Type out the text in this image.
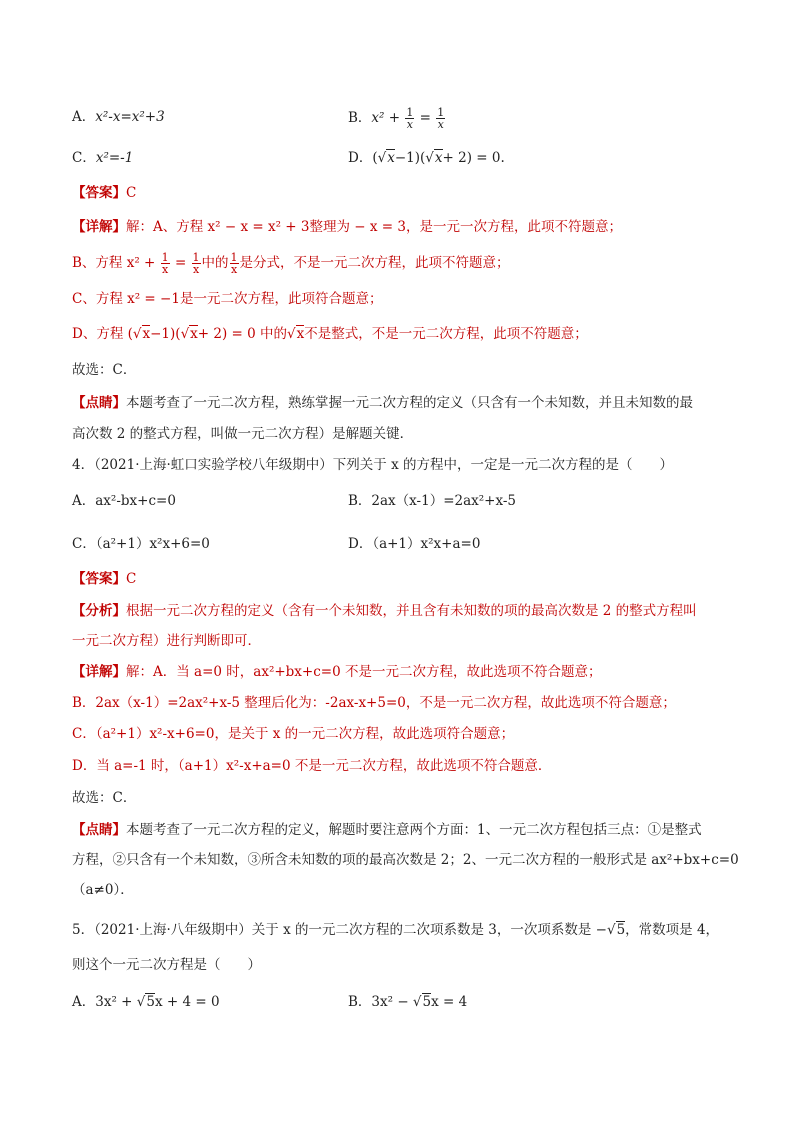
A．x²-x=x²+3	B．$x^2 + \frac{1}{x} = \frac{1}{x}$
C．x²=-1	D．(√x−1)(√x+ 2) = 0.
【答案】C
【详解】解：A、方程 x² − x = x² + 3整理为 − x = 3，是一元一次方程，此项不符题意；
B、方程 $x^2 + \frac{1}{x} = \frac{1}{x}$ 中的 $\frac{1}{x}$ 是分式，不是一元二次方程，此项不符题意；
C、方程 x² = −1是一元二次方程，此项符合题意；
D、方程 (√x−1)(√x+ 2) = 0 中的√x不是整式，不是一元二次方程，此项不符题意；
故选：C．
【点睛】本题考查了一元二次方程，熟练掌握一元二次方程的定义（只含有一个未知数，并且未知数的最
高次数 2 的整式方程，叫做一元二次方程）是解题关键．
4．（2021·上海·虹口实验学校八年级期中）下列关于 x 的方程中，一定是一元二次方程的是（　　）
A．ax²-bx+c=0	B．2ax（x-1）=2ax²+x-5
C．（a²+1）x²x+6=0	D．（a+1）x²x+a=0
【答案】C
【分析】根据一元二次方程的定义（含有一个未知数，并且含有未知数的项的最高次数是 2 的整式方程叫
一元二次方程）进行判断即可．
【详解】解：A．当 a=0 时，ax²+bx+c=0 不是一元二次方程，故此选项不符合题意；
B．2ax（x-1）=2ax²+x-5 整理后化为：-2ax-x+5=0，不是一元二次方程，故此选项不符合题意；
C．（a²+1）x²-x+6=0，是关于 x 的一元二次方程，故此选项符合题意；
D．当 a=-1 时，（a+1）x²-x+a=0 不是一元二次方程，故此选项不符合题意．
故选：C．
【点睛】本题考查了一元二次方程的定义，解题时要注意两个方面：1、一元二次方程包括三点：①是整式
方程，②只含有一个未知数，③所含未知数的项的最高次数是 2；2、一元二次方程的一般形式是 ax²+bx+c=0
（a≠0）．
5．（2021·上海·八年级期中）关于 x 的一元二次方程的二次项系数是 3，一次项系数是 −√5，常数项是 4，
则这个一元二次方程是（　　）
A．3x² + √5x + 4 = 0	B．3x² − √5x = 4
